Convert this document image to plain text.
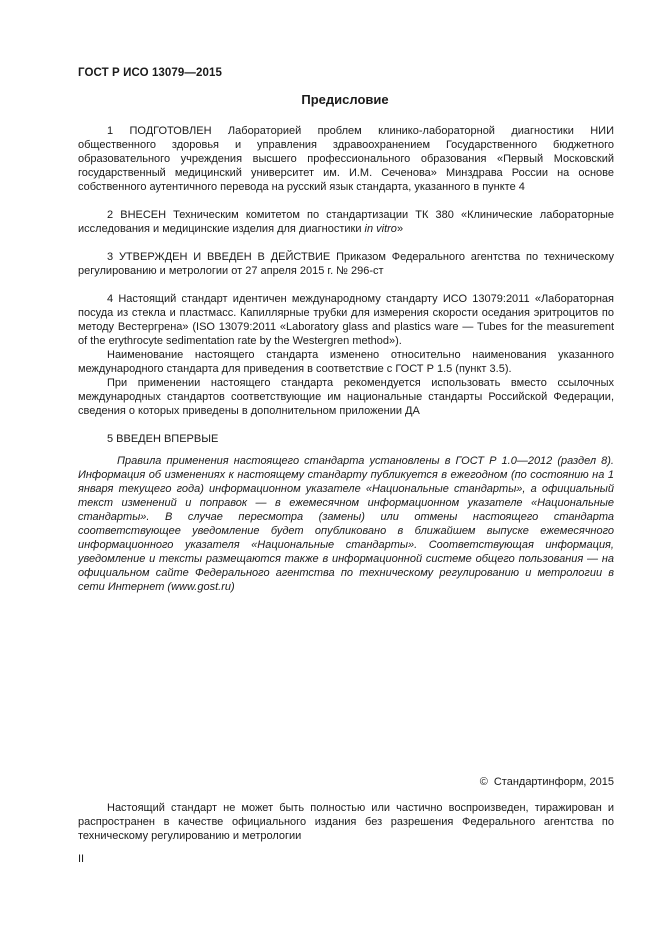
ГОСТ Р ИСО 13079—2015
Предисловие

1 ПОДГОТОВЛЕН Лабораторией проблем клинико-лабораторной диагностики НИИ общественного здоровья и управления здравоохранением Государственного бюджетного образовательного учреждения высшего профессионального образования «Первый Московский государственный медицинский университет им. И.М. Сеченова» Минздрава России на основе собственного аутентичного перевода на русский язык стандарта, указанного в пункте 4

2 ВНЕСЕН Техническим комитетом по стандартизации ТК 380 «Клинические лабораторные исследования и медицинские изделия для диагностики in vitro»

3 УТВЕРЖДЕН И ВВЕДЕН В ДЕЙСТВИЕ Приказом Федерального агентства по техническому регулированию и метрологии от 27 апреля 2015 г. № 296-ст

4 Настоящий стандарт идентичен международному стандарту ИСО 13079:2011 «Лабораторная посуда из стекла и пластмасс. Капиллярные трубки для измерения скорости оседания эритроцитов по методу Вестергрена» (ISO 13079:2011 «Laboratory glass and plastics ware — Tubes for the measurement of the erythrocyte sedimentation rate by the Westergren method»).

Наименование настоящего стандарта изменено относительно наименования указанного международного стандарта для приведения в соответствие с ГОСТ Р 1.5 (пункт 3.5).

При применении настоящего стандарта рекомендуется использовать вместо ссылочных международных стандартов соответствующие им национальные стандарты Российской Федерации, сведения о которых приведены в дополнительном приложении ДА

5 ВВЕДЕН ВПЕРВЫЕ

Правила применения настоящего стандарта установлены в ГОСТ Р 1.0—2012 (раздел 8). Информация об изменениях к настоящему стандарту публикуется в ежегодном (по состоянию на 1 января текущего года) информационном указателе «Национальные стандарты», а официальный текст изменений и поправок — в ежемесячном информационном указателе «Национальные стандарты». В случае пересмотра (замены) или отмены настоящего стандарта соответствующее уведомление будет опубликовано в ближайшем выпуске ежемесячного информационного указателя «Национальные стандарты». Соответствующая информация, уведомление и тексты размещаются также в информационной системе общего пользования — на официальном сайте Федерального агентства по техническому регулированию и метрологии в сети Интернет (www.gost.ru)

© Стандартинформ, 2015

Настоящий стандарт не может быть полностью или частично воспроизведен, тиражирован и распространен в качестве официального издания без разрешения Федерального агентства по техническому регулированию и метрологии

II
